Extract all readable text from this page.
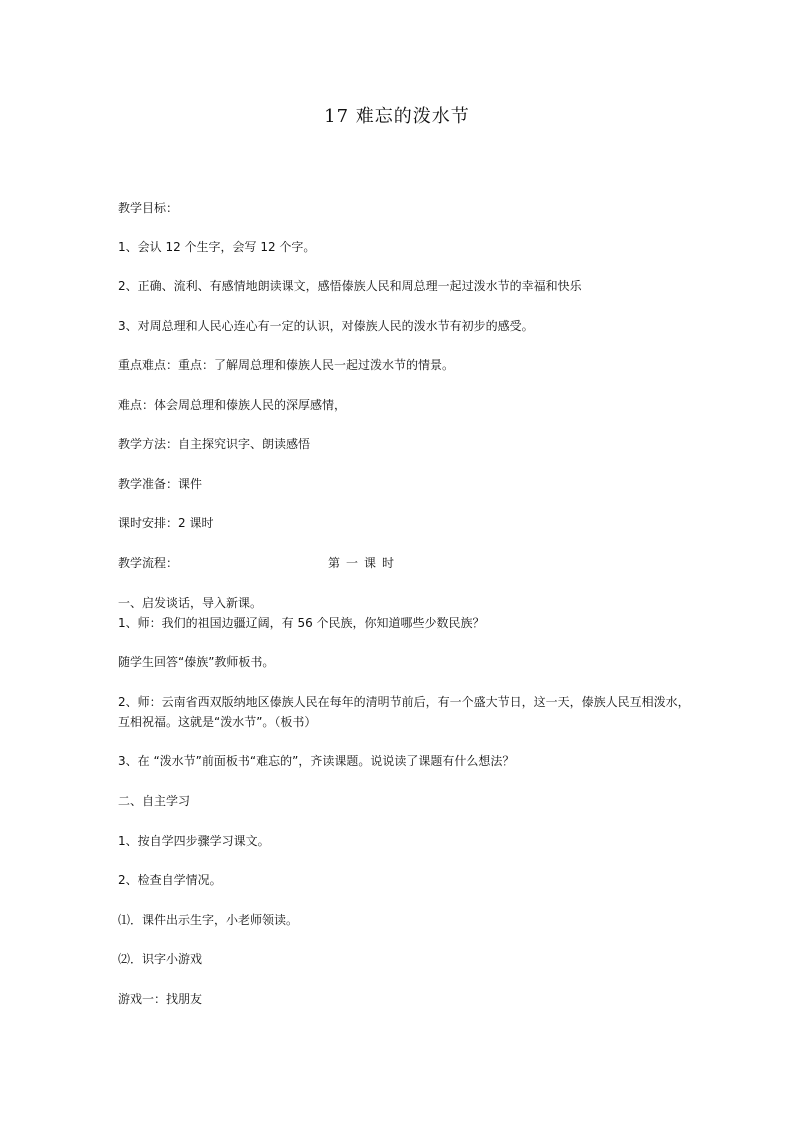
17 难忘的泼水节
教学目标：
1、会认 12 个生字，会写 12 个字。
2、正确、流利、有感情地朗读课文，感悟傣族人民和周总理一起过泼水节的幸福和快乐
3、对周总理和人民心连心有一定的认识，对傣族人民的泼水节有初步的感受。
重点难点：重点：了解周总理和傣族人民一起过泼水节的情景。
难点：体会周总理和傣族人民的深厚感情，
教学方法：自主探究识字、朗读感悟
教学准备：课件
课时安排：2 课时
教学流程：	第一课时
一、启发谈话，导入新课。
1、师：我们的祖国边疆辽阔，有 56 个民族，你知道哪些少数民族？
随学生回答“傣族”教师板书。
2、师：云南省西双版纳地区傣族人民在每年的清明节前后，有一个盛大节日，这一天，傣族人民互相泼水，
互相祝福。这就是“泼水节”。（板书）
3、在 “泼水节”前面板书“难忘的”，齐读课题。说说读了课题有什么想法？
二、自主学习
1、按自学四步骤学习课文。
2、检查自学情况。
⑴．课件出示生字，小老师领读。
⑵．识字小游戏
游戏一：找朋友
